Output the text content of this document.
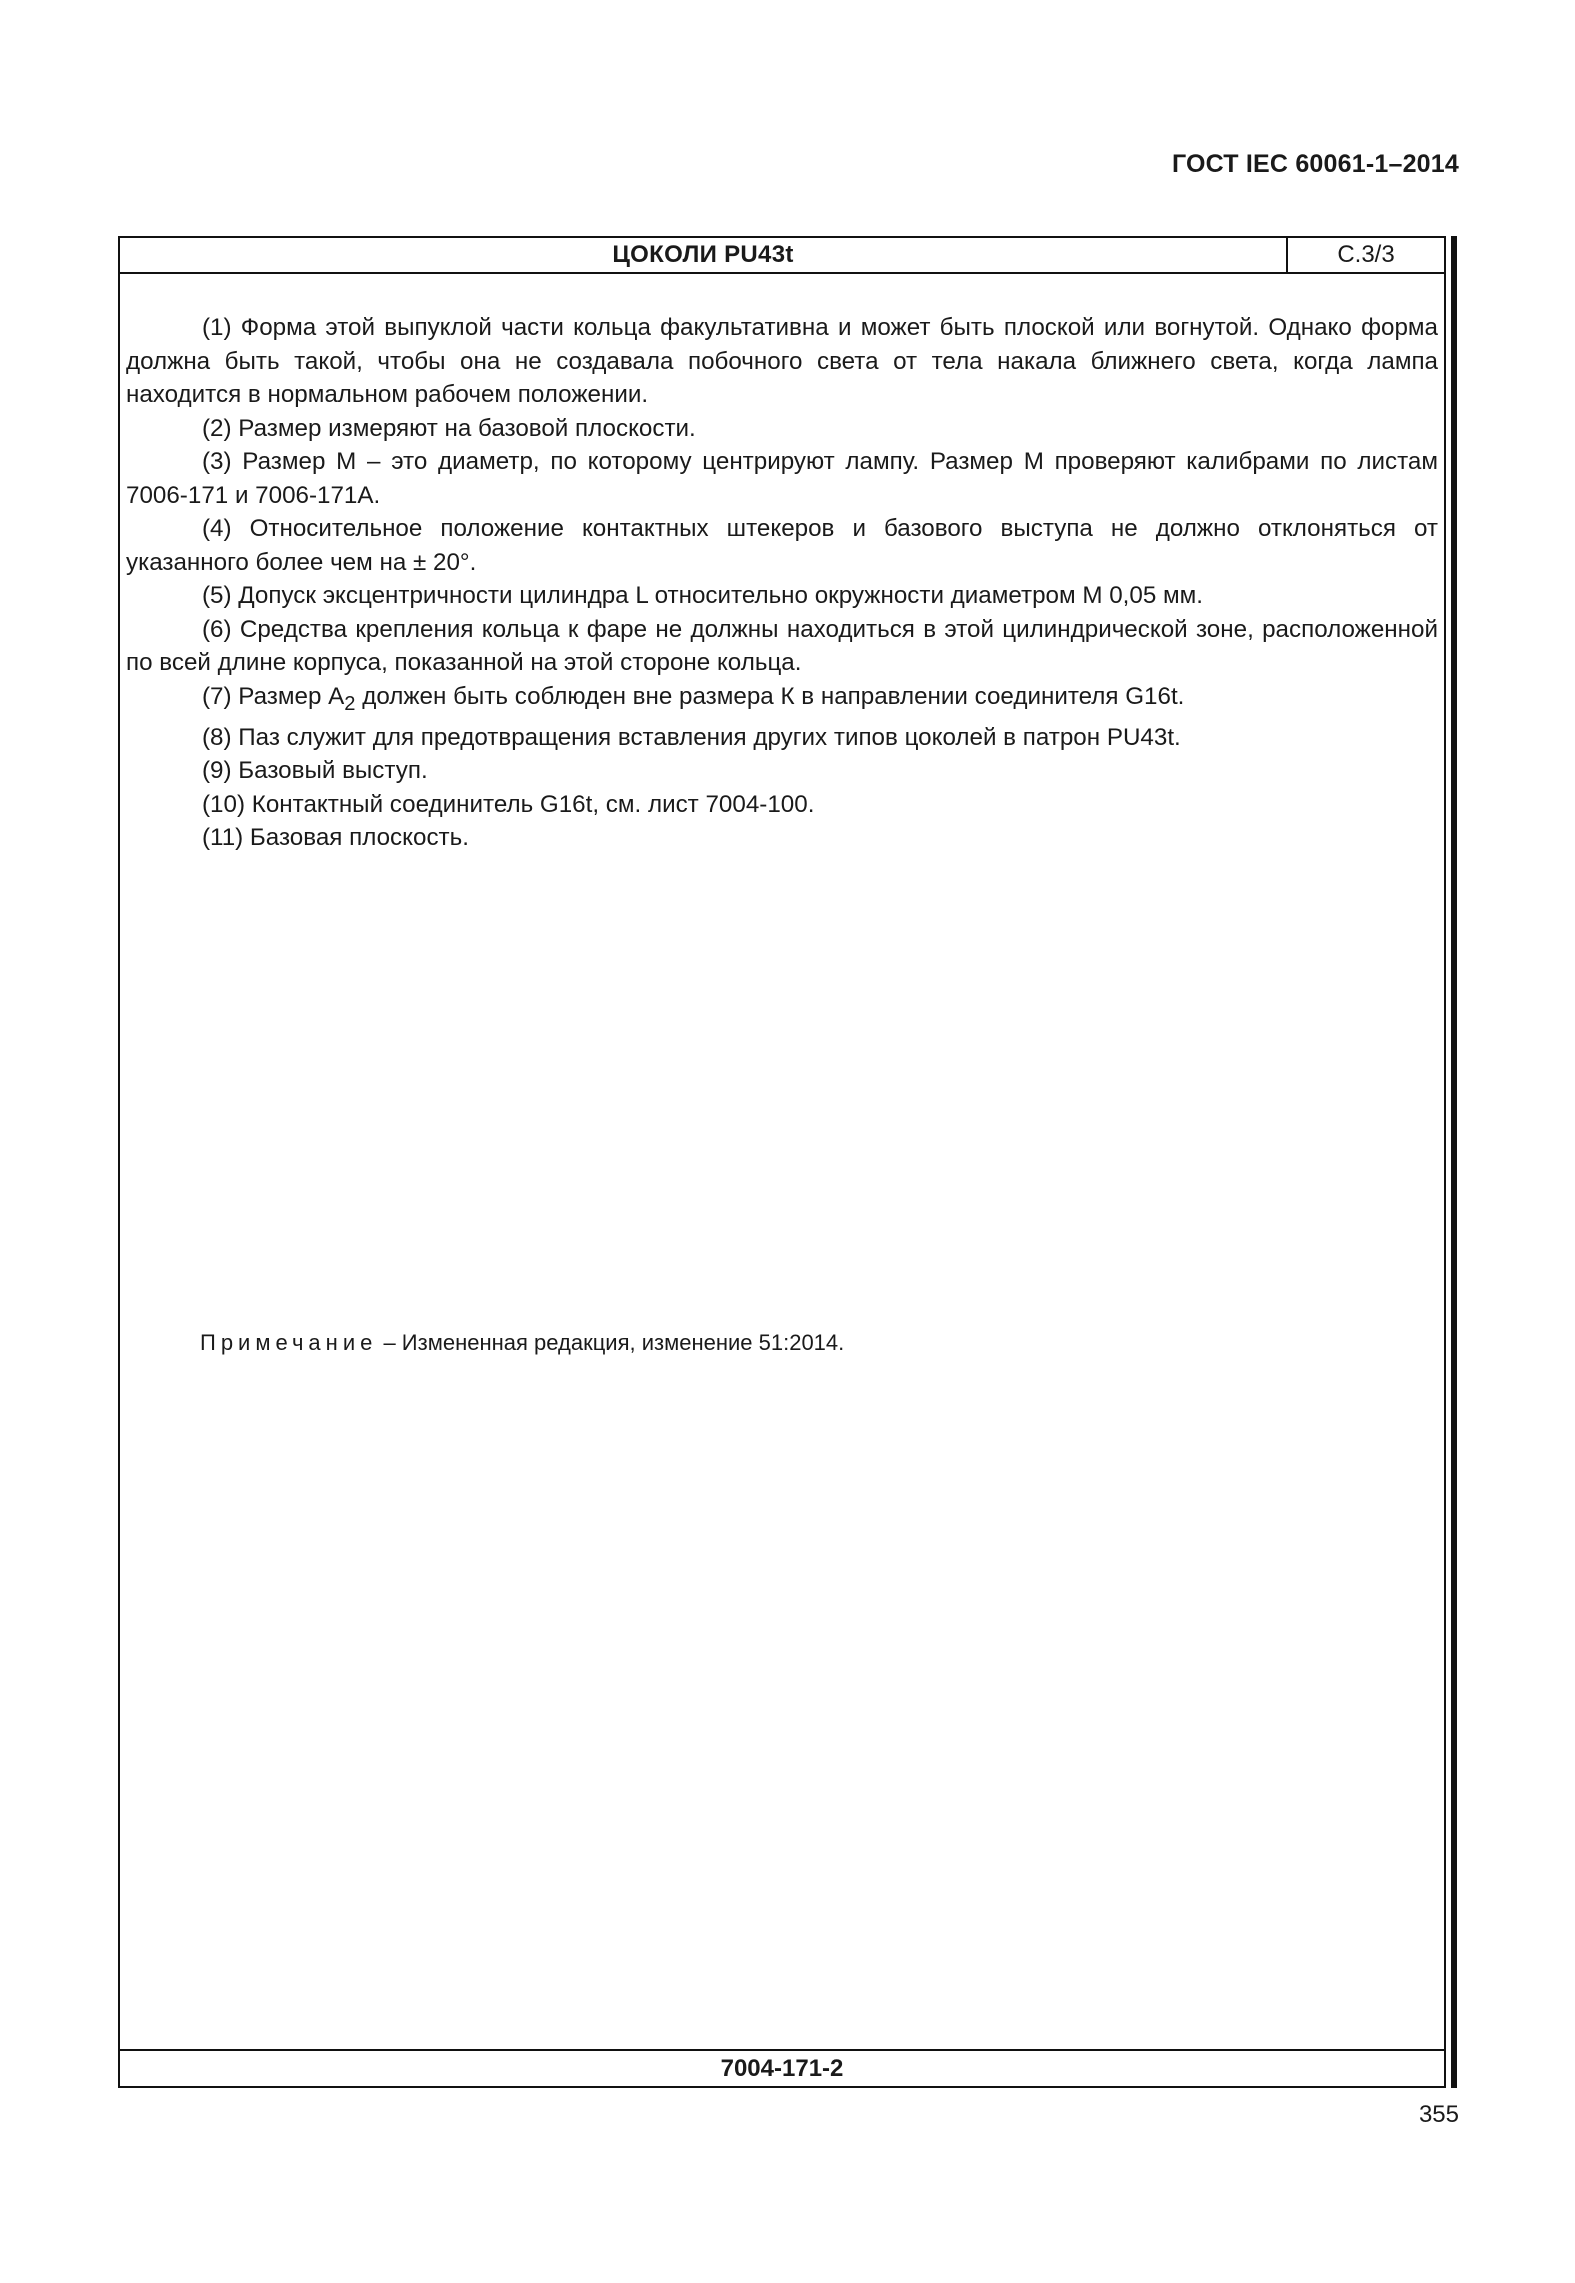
ГОСТ IEC 60061-1–2014
ЦОКОЛИ PU43t	С.3/3

(1) Форма этой выпуклой части кольца факультативна и может быть плоской или вогнутой. Однако форма должна быть такой, чтобы она не создавала побочного света от тела накала ближнего света, когда лампа находится в нормальном рабочем положении.

(2) Размер измеряют на базовой плоскости.

(3) Размер М – это диаметр, по которому центрируют лампу. Размер М проверяют калибрами по листам 7006-171 и 7006-171А.

(4) Относительное положение контактных штекеров и базового выступа не должно отклоняться от указанного более чем на ± 20°.

(5) Допуск эксцентричности цилиндра L относительно окружности диаметром М 0,05 мм.

(6) Средства крепления кольца к фаре не должны находиться в этой цилиндрической зоне, расположенной по всей длине корпуса, показанной на этой стороне кольца.

(7) Размер $А_2$ должен быть соблюден вне размера К в направлении соединителя G16t.

(8) Паз служит для предотвращения вставления других типов цоколей в патрон PU43t.

(9) Базовый выступ.

(10) Контактный соединитель G16t, см. лист 7004-100.

(11) Базовая плоскость.

Примечание – Измененная редакция, изменение 51:2014.
7004-171-2
355
